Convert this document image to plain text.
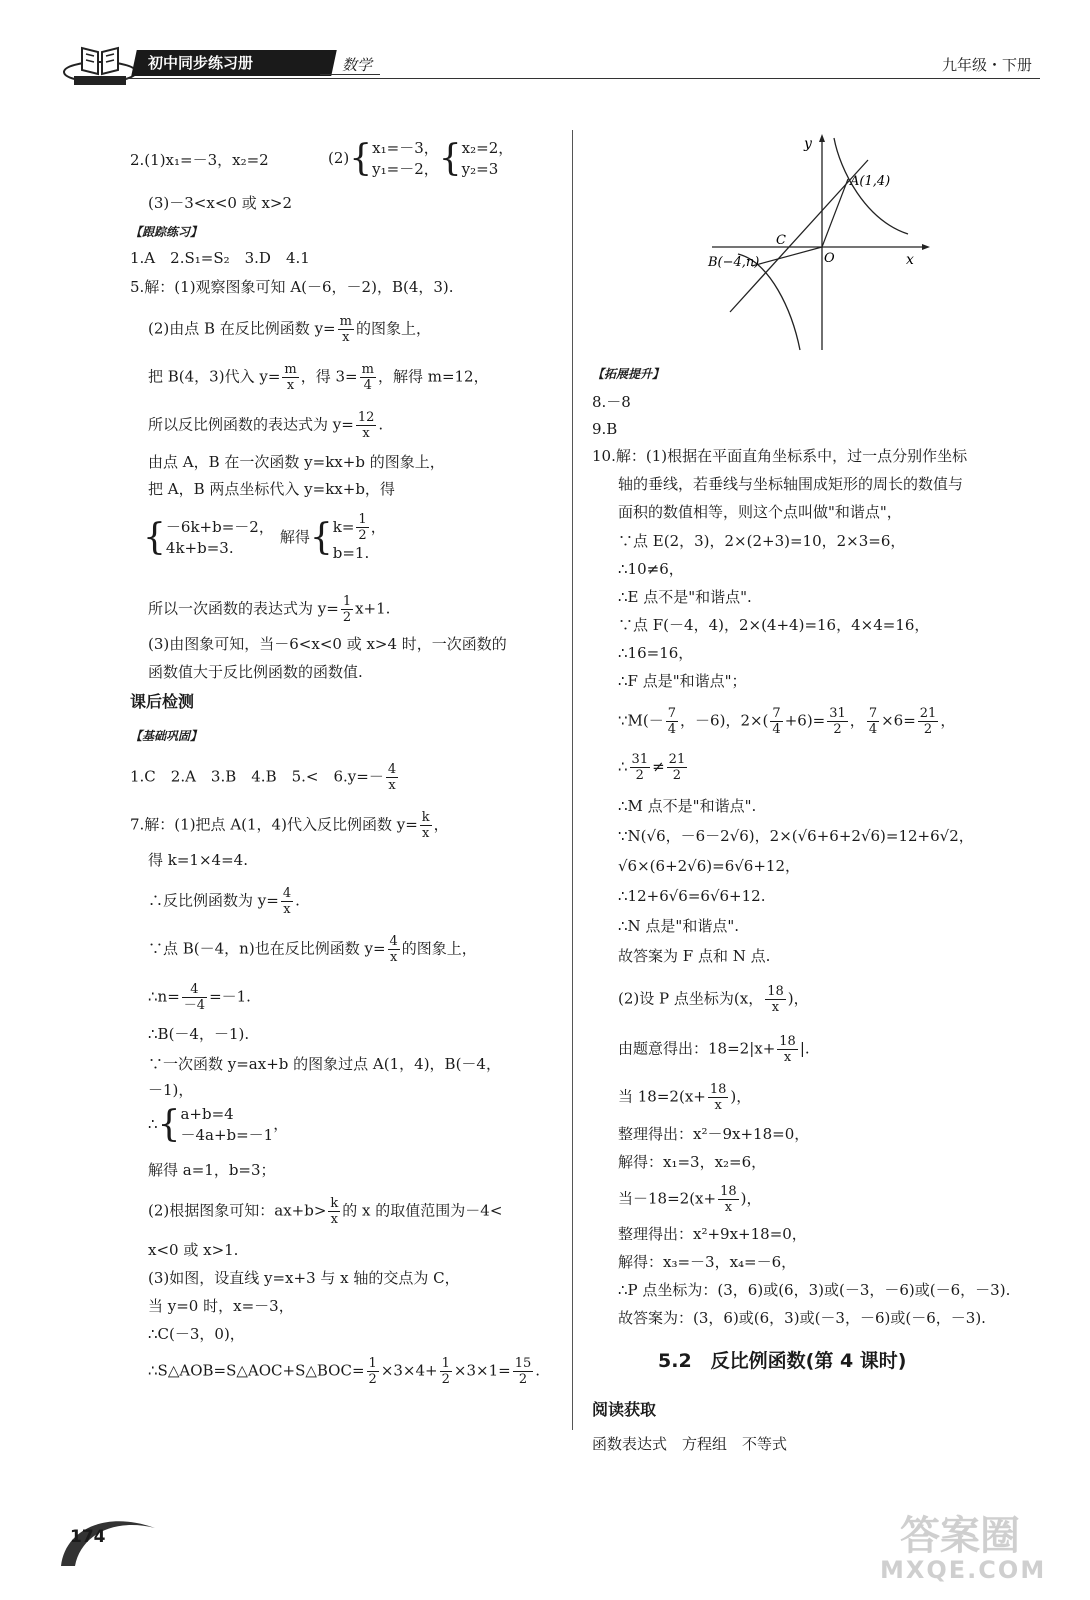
初中同步练习册	数学	九年级・下册
2.(1)x₁=－3，x₂=2	(2){x₁=－3，
y₁=－2，{x₂=2，
y₂=3
(3)－3<x<0 或 x>2
【跟踪练习】
1.A　2.S₁=S₂　3.D　4.1
5.解：(1)观察图象可知 A(－6，－2)，B(4，3).
(2)由点 B 在反比例函数 $y= \frac{m}{x}$ 的图象上，
把 B(4，3)代入 $y= \frac{m}{x}$ ，得 $3= \frac{m}{4}$ ，解得 m=12，
所以反比例函数的表达式为 $y= \frac{12}{x}$ .
由点 A，B 在一次函数 y=kx+b 的图象上，
把 A，B 两点坐标代入 y=kx+b，得
{－6k+b=－2，
4k+b=3.解得{$k= \frac{1}{2}$ ，
b=1.
所以一次函数的表达式为 $y= \frac{1}{2} x+1$.
(3)由图象可知，当－6<x<0 或 x>4 时，一次函数的
函数值大于反比例函数的函数值.
课后检测
【基础巩固】
1.C　2.A　3.B　4.B　5.<　$6.y=- \frac{4}{x}$
7.解：(1)把点 A(1，4)代入反比例函数 $y= \frac{k}{x}$ ，
得 k=1×4=4.
∴反比例函数为 $y= \frac{4}{x}$ .
∵点 B(－4，n)也在反比例函数 $y= \frac{4}{x}$ 的图象上，
∴n= $\frac{4}{-4} =-1$.
∴B(－4，－1).
∵一次函数 y=ax+b 的图象过点 A(1，4)，B(－4，
－1)，
∴{a+b=4
－4a+b=－1，
解得 a=1，b=3；
(2)根据图象可知：$ax+b> \frac{k}{x}$ 的 x 的取值范围为－4<
x<0 或 x>1.
(3)如图，设直线 y=x+3 与 x 轴的交点为 C，
当 y=0 时，x=－3，
∴C(－3，0)，
∴S△AOB=S△AOC+S△BOC= $\frac{1}{2} \times 3\times 4+ \frac{1}{2} \times 3\times 1= \frac{15}{2}$ .
y
x
O
A(1,4)
B(−4,n)
C
【拓展提升】
8.－8
9.B
10.解：(1)根据在平面直角坐标系中，过一点分别作坐标
轴的垂线，若垂线与坐标轴围成矩形的周长的数值与
面积的数值相等，则这个点叫做"和谐点"，
∵点 E(2，3)，2×(2+3)=10，2×3=6，
∴10≠6，
∴E 点不是"和谐点".
∵点 F(－4，4)，2×(4+4)=16，4×4=16，
∴16=16，
∴F 点是"和谐点"；
∵M(－ $\frac{7}{4}$ ，－6)，$2\times( \frac{7}{4} +6)= \frac{31}{2}$ ， $\frac{7}{4} \times 6= \frac{21}{2}$ ，
∴ $\frac{31}{2} \ne \frac{21}{2}$
∴M 点不是"和谐点".
∵N(√6，－6－2√6)，2×(√6+6+2√6)=12+6√2，
√6×(6+2√6)=6√6+12，
∴12+6√6=6√6+12.
∴N 点是"和谐点".
故答案为 F 点和 N 点.
(2)设 P 点坐标为(x， $\frac{18}{x}$ )，
由题意得出：$18=2|x+ \frac{18}{x}$ |.
当 $18=2(x+ \frac{18}{x}$ )，
整理得出：x²－9x+18=0，
解得：x₁=3，x₂=6，
当$-18=2(x+ \frac{18}{x}$ )，
整理得出：x²+9x+18=0，
解得：x₃=－3，x₄=－6，
∴P 点坐标为：(3，6)或(6，3)或(－3，－6)或(－6，－3).
故答案为：(3，6)或(6，3)或(－3，－6)或(－6，－3).
5.2　反比例函数(第 4 课时)
阅读获取
函数表达式　方程组　不等式
174	答案圈
MXQE.COM
